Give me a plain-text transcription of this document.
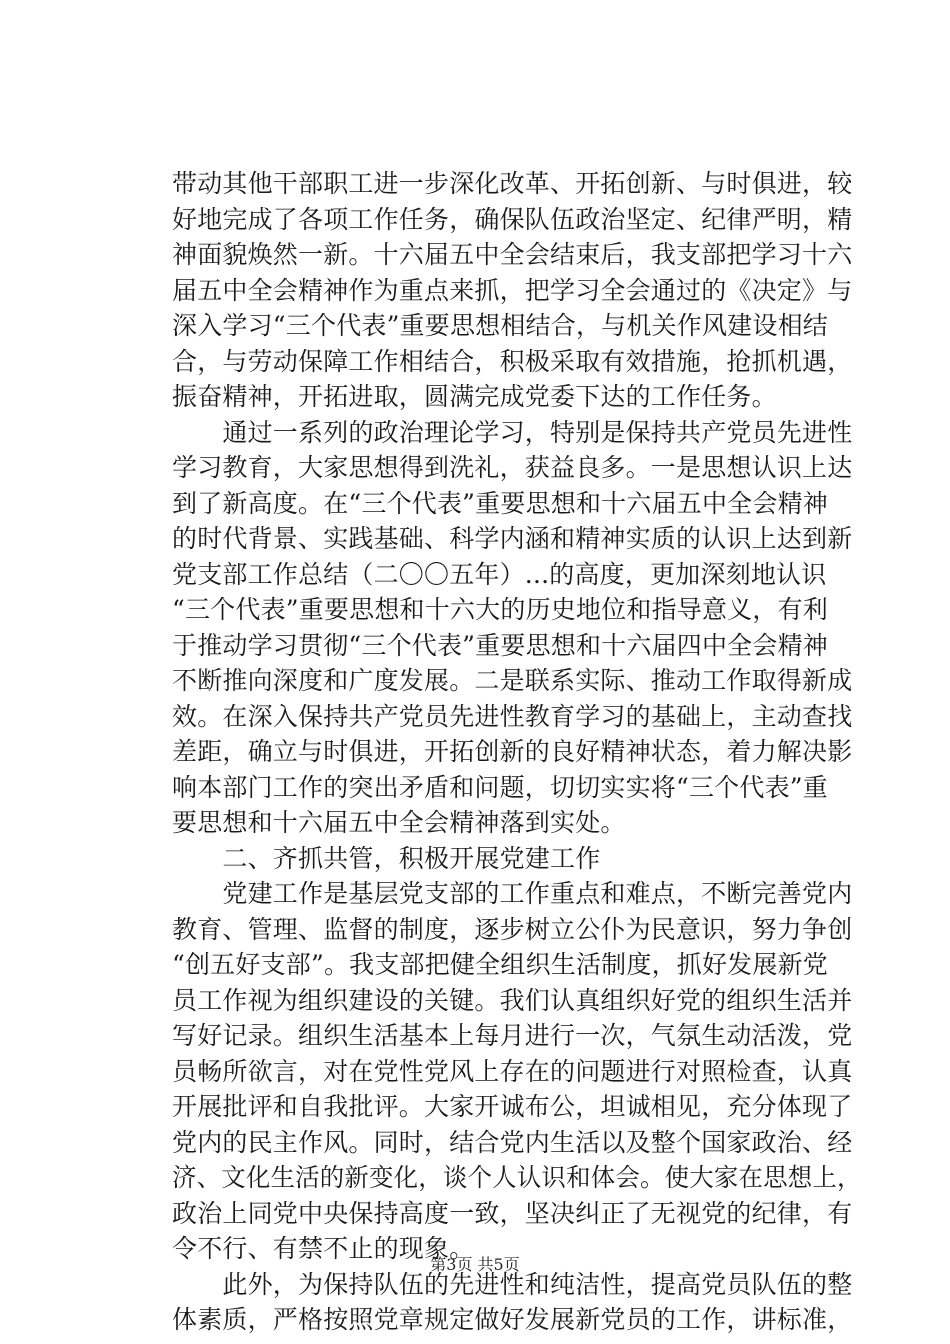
带动其他干部职工进一步深化改革、开拓创新、与时俱进，较
好地完成了各项工作任务，确保队伍政治坚定、纪律严明，精
神面貌焕然一新。十六届五中全会结束后，我支部把学习十六
届五中全会精神作为重点来抓，把学习全会通过的《决定》与
深入学习“三个代表”重要思想相结合，与机关作风建设相结
合，与劳动保障工作相结合，积极采取有效措施，抢抓机遇，
振奋精神，开拓进取，圆满完成党委下达的工作任务。
　　通过一系列的政治理论学习，特别是保持共产党员先进性
学习教育，大家思想得到洗礼，获益良多。一是思想认识上达
到了新高度。在“三个代表”重要思想和十六届五中全会精神
的时代背景、实践基础、科学内涵和精神实质的认识上达到新
党支部工作总结（二〇〇五年）...的高度，更加深刻地认识
“三个代表”重要思想和十六大的历史地位和指导意义，有利
于推动学习贯彻“三个代表”重要思想和十六届四中全会精神
不断推向深度和广度发展。二是联系实际、推动工作取得新成
效。在深入保持共产党员先进性教育学习的基础上，主动查找
差距，确立与时俱进，开拓创新的良好精神状态，着力解决影
响本部门工作的突出矛盾和问题，切切实实将“三个代表”重
要思想和十六届五中全会精神落到实处。
　　二、齐抓共管，积极开展党建工作
　　党建工作是基层党支部的工作重点和难点，不断完善党内
教育、管理、监督的制度，逐步树立公仆为民意识，努力争创
“创五好支部”。我支部把健全组织生活制度，抓好发展新党
员工作视为组织建设的关键。我们认真组织好党的组织生活并
写好记录。组织生活基本上每月进行一次，气氛生动活泼，党
员畅所欲言，对在党性党风上存在的问题进行对照检查，认真
开展批评和自我批评。大家开诚布公，坦诚相见，充分体现了
党内的民主作风。同时，结合党内生活以及整个国家政治、经
济、文化生活的新变化，谈个人认识和体会。使大家在思想上，
政治上同党中央保持高度一致，坚决纠正了无视党的纪律，有
令不行、有禁不止的现象。
　　此外，为保持队伍的先进性和纯洁性，提高党员队伍的整
体素质，严格按照党章规定做好发展新党员的工作，讲标准，
第3页 共5页
